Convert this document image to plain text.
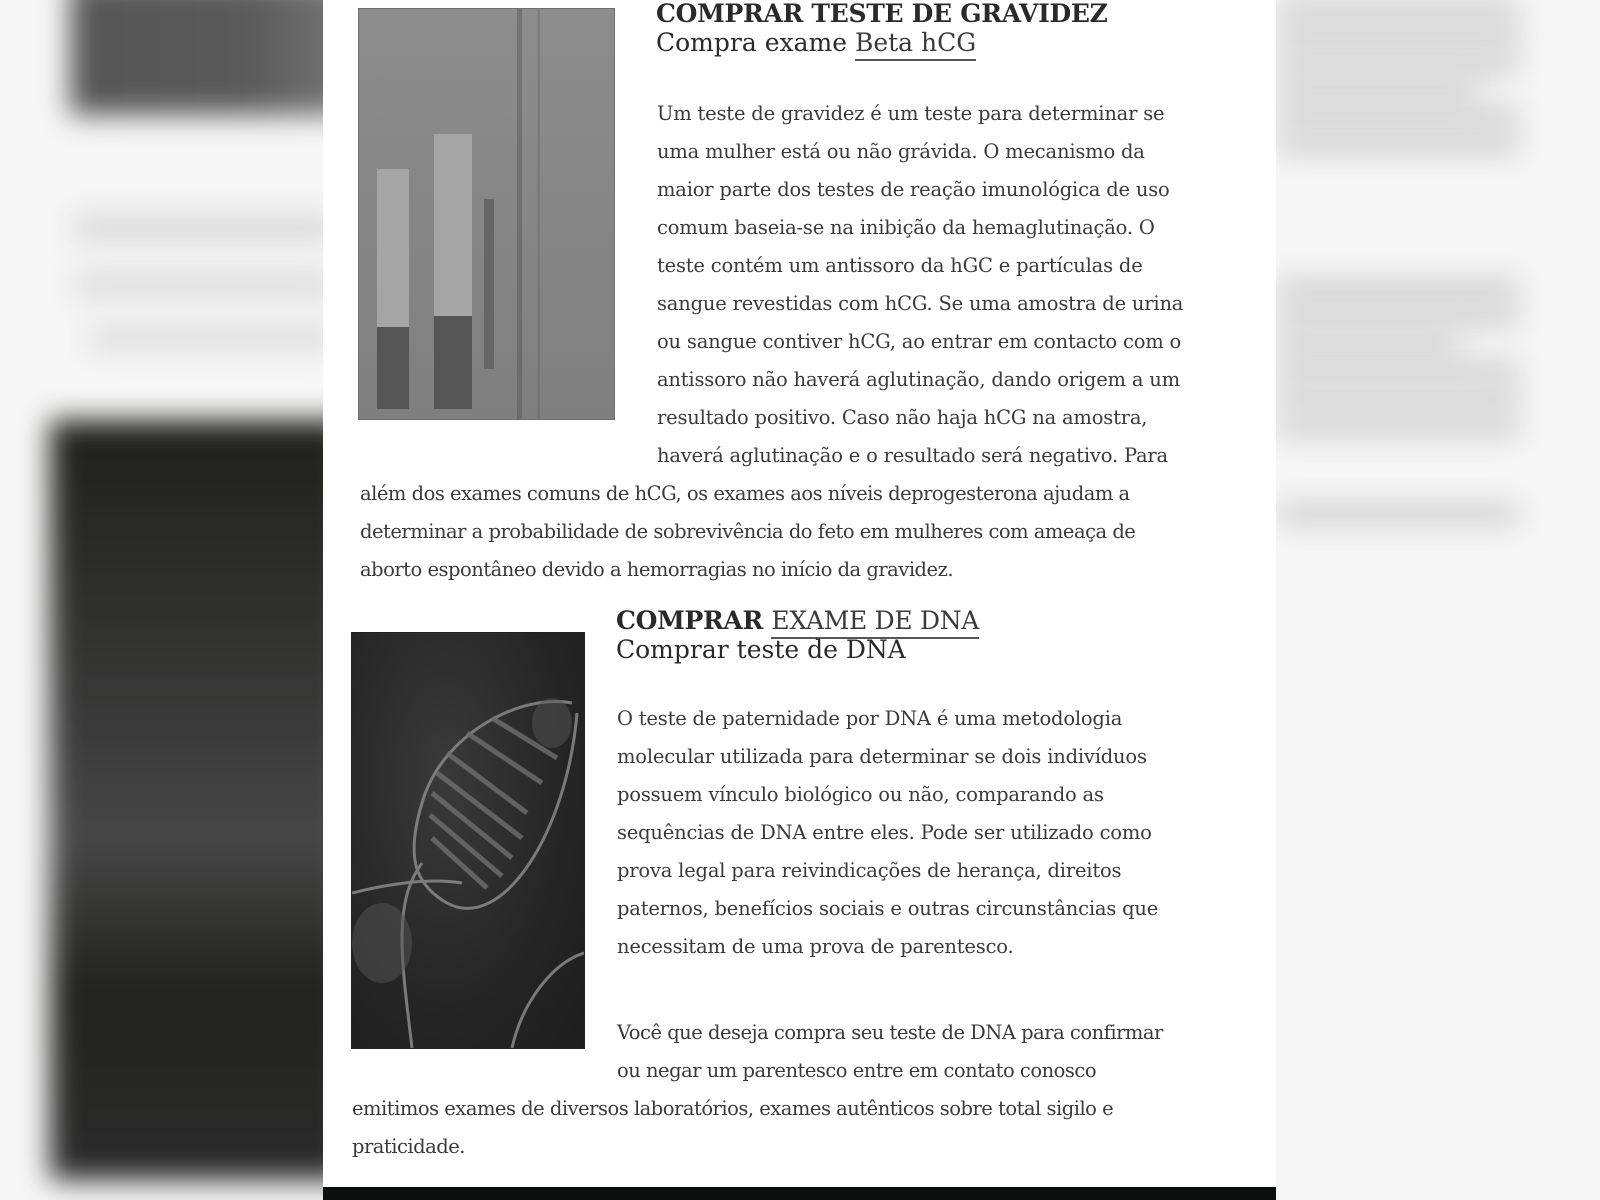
COMPRAR TESTE DE GRAVIDEZ
Compra exame Beta hCG
Um teste de gravidez é um teste para determinar se
uma mulher está ou não grávida. O mecanismo da
maior parte dos testes de reação imunológica de uso
comum baseia-se na inibição da hemaglutinação. O
teste contém um antissoro da hGC e partículas de
sangue revestidas com hCG. Se uma amostra de urina
ou sangue contiver hCG, ao entrar em contacto com o
antissoro não haverá aglutinação, dando origem a um
resultado positivo. Caso não haja hCG na amostra,
haverá aglutinação e o resultado será negativo. Para
além dos exames comuns de hCG, os exames aos níveis deprogesterona ajudam a
determinar a probabilidade de sobrevivência do feto em mulheres com ameaça de
aborto espontâneo devido a hemorragias no início da gravidez.
COMPRAR EXAME DE DNA
Comprar teste de DNA
O teste de paternidade por DNA é uma metodologia
molecular utilizada para determinar se dois indivíduos
possuem vínculo biológico ou não, comparando as
sequências de DNA entre eles. Pode ser utilizado como
prova legal para reivindicações de herança, direitos
paternos, benefícios sociais e outras circunstâncias que
necessitam de uma prova de parentesco.
Você que deseja compra seu teste de DNA para confirmar
ou negar um parentesco entre em contato conosco
emitimos exames de diversos laboratórios, exames autênticos sobre total sigilo e
praticidade.
